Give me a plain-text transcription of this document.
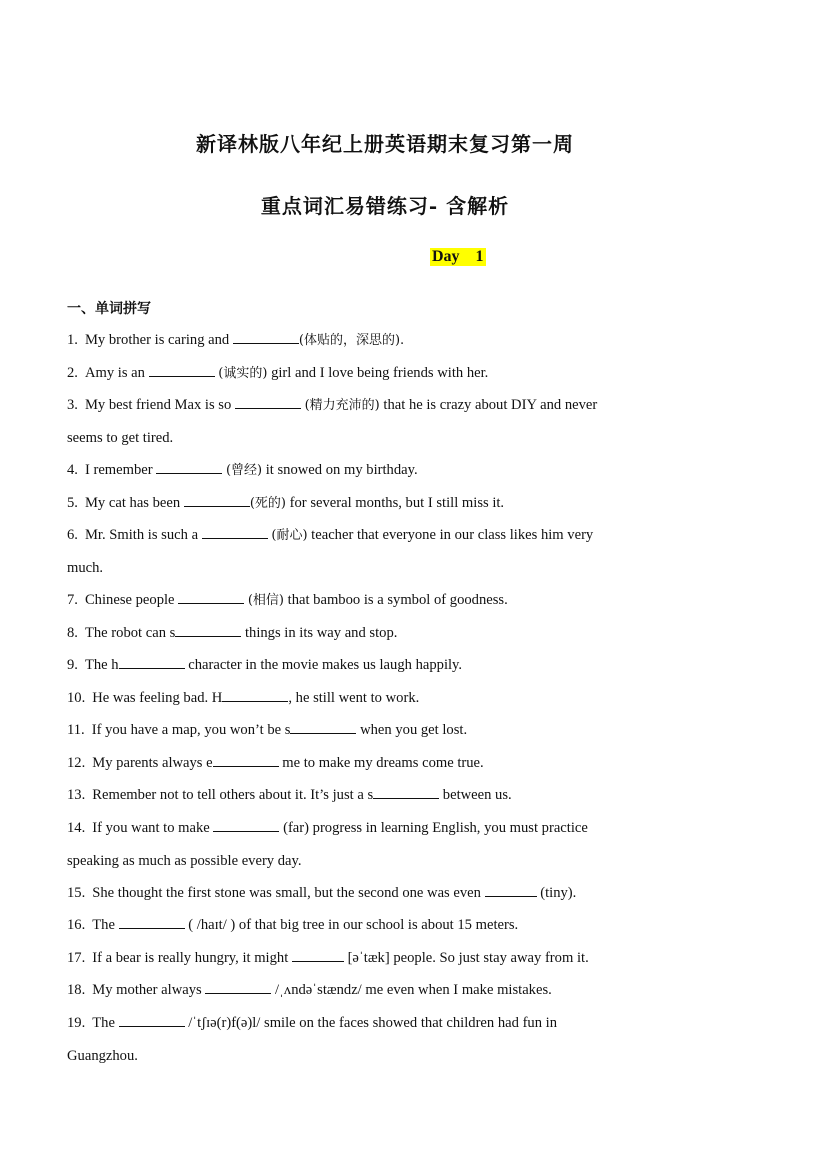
新译林版八年纪上册英语期末复习第一周
重点词汇易错练习- 含解析
Day    1
一、单词拼写
1. My brother is caring and	(体贴的，深思的).
2. Amy is an	(诚实的) girl and I love being friends with her.
3. My best friend Max is so	(精力充沛的) that he is crazy about DIY and never
seems to get tired.
4. I remember	(曾经) it snowed on my birthday.
5. My cat has been	(死的) for several months, but I still miss it.
6. Mr. Smith is such a	(耐心) teacher that everyone in our class likes him very
much.
7. Chinese people	(相信) that bamboo is a symbol of goodness.
8. The robot can s	things in its way and stop.
9. The h	character in the movie makes us laugh happily.
10. He was feeling bad. H	, he still went to work.
11. If you have a map, you won’t be s	when you get lost.
12. My parents always e	me to make my dreams come true.
13. Remember not to tell others about it. It’s just a s	between us.
14. If you want to make	(far) progress in learning English, you must practice
speaking as much as possible every day.
15. She thought the first stone was small, but the second one was even	(tiny).
16. The	( /haɪt/ ) of that big tree in our school is about 15 meters.
17. If a bear is really hungry, it might	[əˈtæk] people. So just stay away from it.
18. My mother always	/ˌʌndəˈstændz/ me even when I make mistakes.
19. The	/ˈtʃɪə(r)f(ə)l/ smile on the faces showed that children had fun in
Guangzhou.
